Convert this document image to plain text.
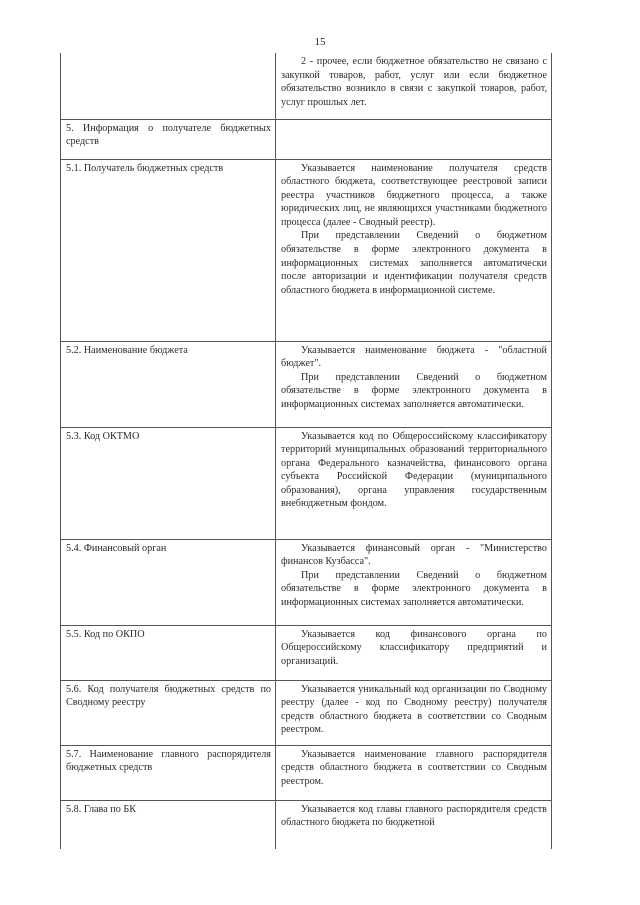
15

	2 - прочее, если бюджетное обязательство не связано с закупкой товаров, работ, услуг или если бюджетное обязательство возникло в связи с закупкой товаров, работ, услуг прошлых лет.

5. Информация о получателе бюджетных средств	

5.1. Получатель бюджетных средств	Указывается наименование получателя средств областного бюджета, соответствующее реестровой записи реестра участников бюджетного процесса, а также юридических лиц, не являющихся участниками бюджетного процесса (далее - Сводный реестр).

При представлении Сведений о бюджетном обязательстве в форме электронного документа в информационных системах заполняется автоматически после авторизации и идентификации получателя средств областного бюджета в информационной системе.

5.2. Наименование бюджета	Указывается наименование бюджета - "областной бюджет".

При представлении Сведений о бюджетном обязательстве в форме электронного документа в информационных системах заполняется автоматически.

5.3. Код ОКТМО	Указывается код по Общероссийскому классификатору территорий муниципальных образований территориального органа Федерального казначейства, финансового органа субъекта Российской Федерации (муниципального образования), органа управления государственным внебюджетным фондом.

5.4. Финансовый орган	Указывается финансовый орган - "Министерство финансов Кузбасса".

При представлении Сведений о бюджетном обязательстве в форме электронного документа в информационных системах заполняется автоматически.

5.5. Код по ОКПО	Указывается код финансового органа по Общероссийскому классификатору предприятий и организаций.

5.6. Код получателя бюджетных средств по Сводному реестру	Указывается уникальный код организации по Сводному реестру (далее - код по Сводному реестру) получателя средств областного бюджета в соответствии со Сводным реестром.

5.7. Наименование главного распорядителя бюджетных средств	Указывается наименование главного распорядителя средств областного бюджета в соответствии со Сводным реестром.

5.8. Глава по БК	Указывается код главы главного распорядителя средств областного бюджета по бюджетной
